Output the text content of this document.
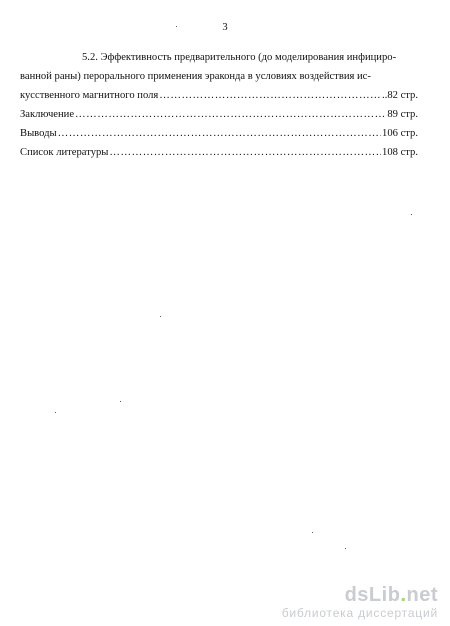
3
5.2. Эффективность предварительного (до моделирования инфициро-
ванной раны) перорального применения эраконда в условиях воздействия ис-
кусственного магнитного поля …………………………………………………………………………………………………………………………………	..82 стр.
Заключение …………………………………………………………………………………………………………………………………	89 стр.
Выводы …………………………………………………………………………………………………………………………………	106 стр.
Список литературы …………………………………………………………………………………………………………………………………	108 стр.
dsLib.net
библиотека диссертаций
